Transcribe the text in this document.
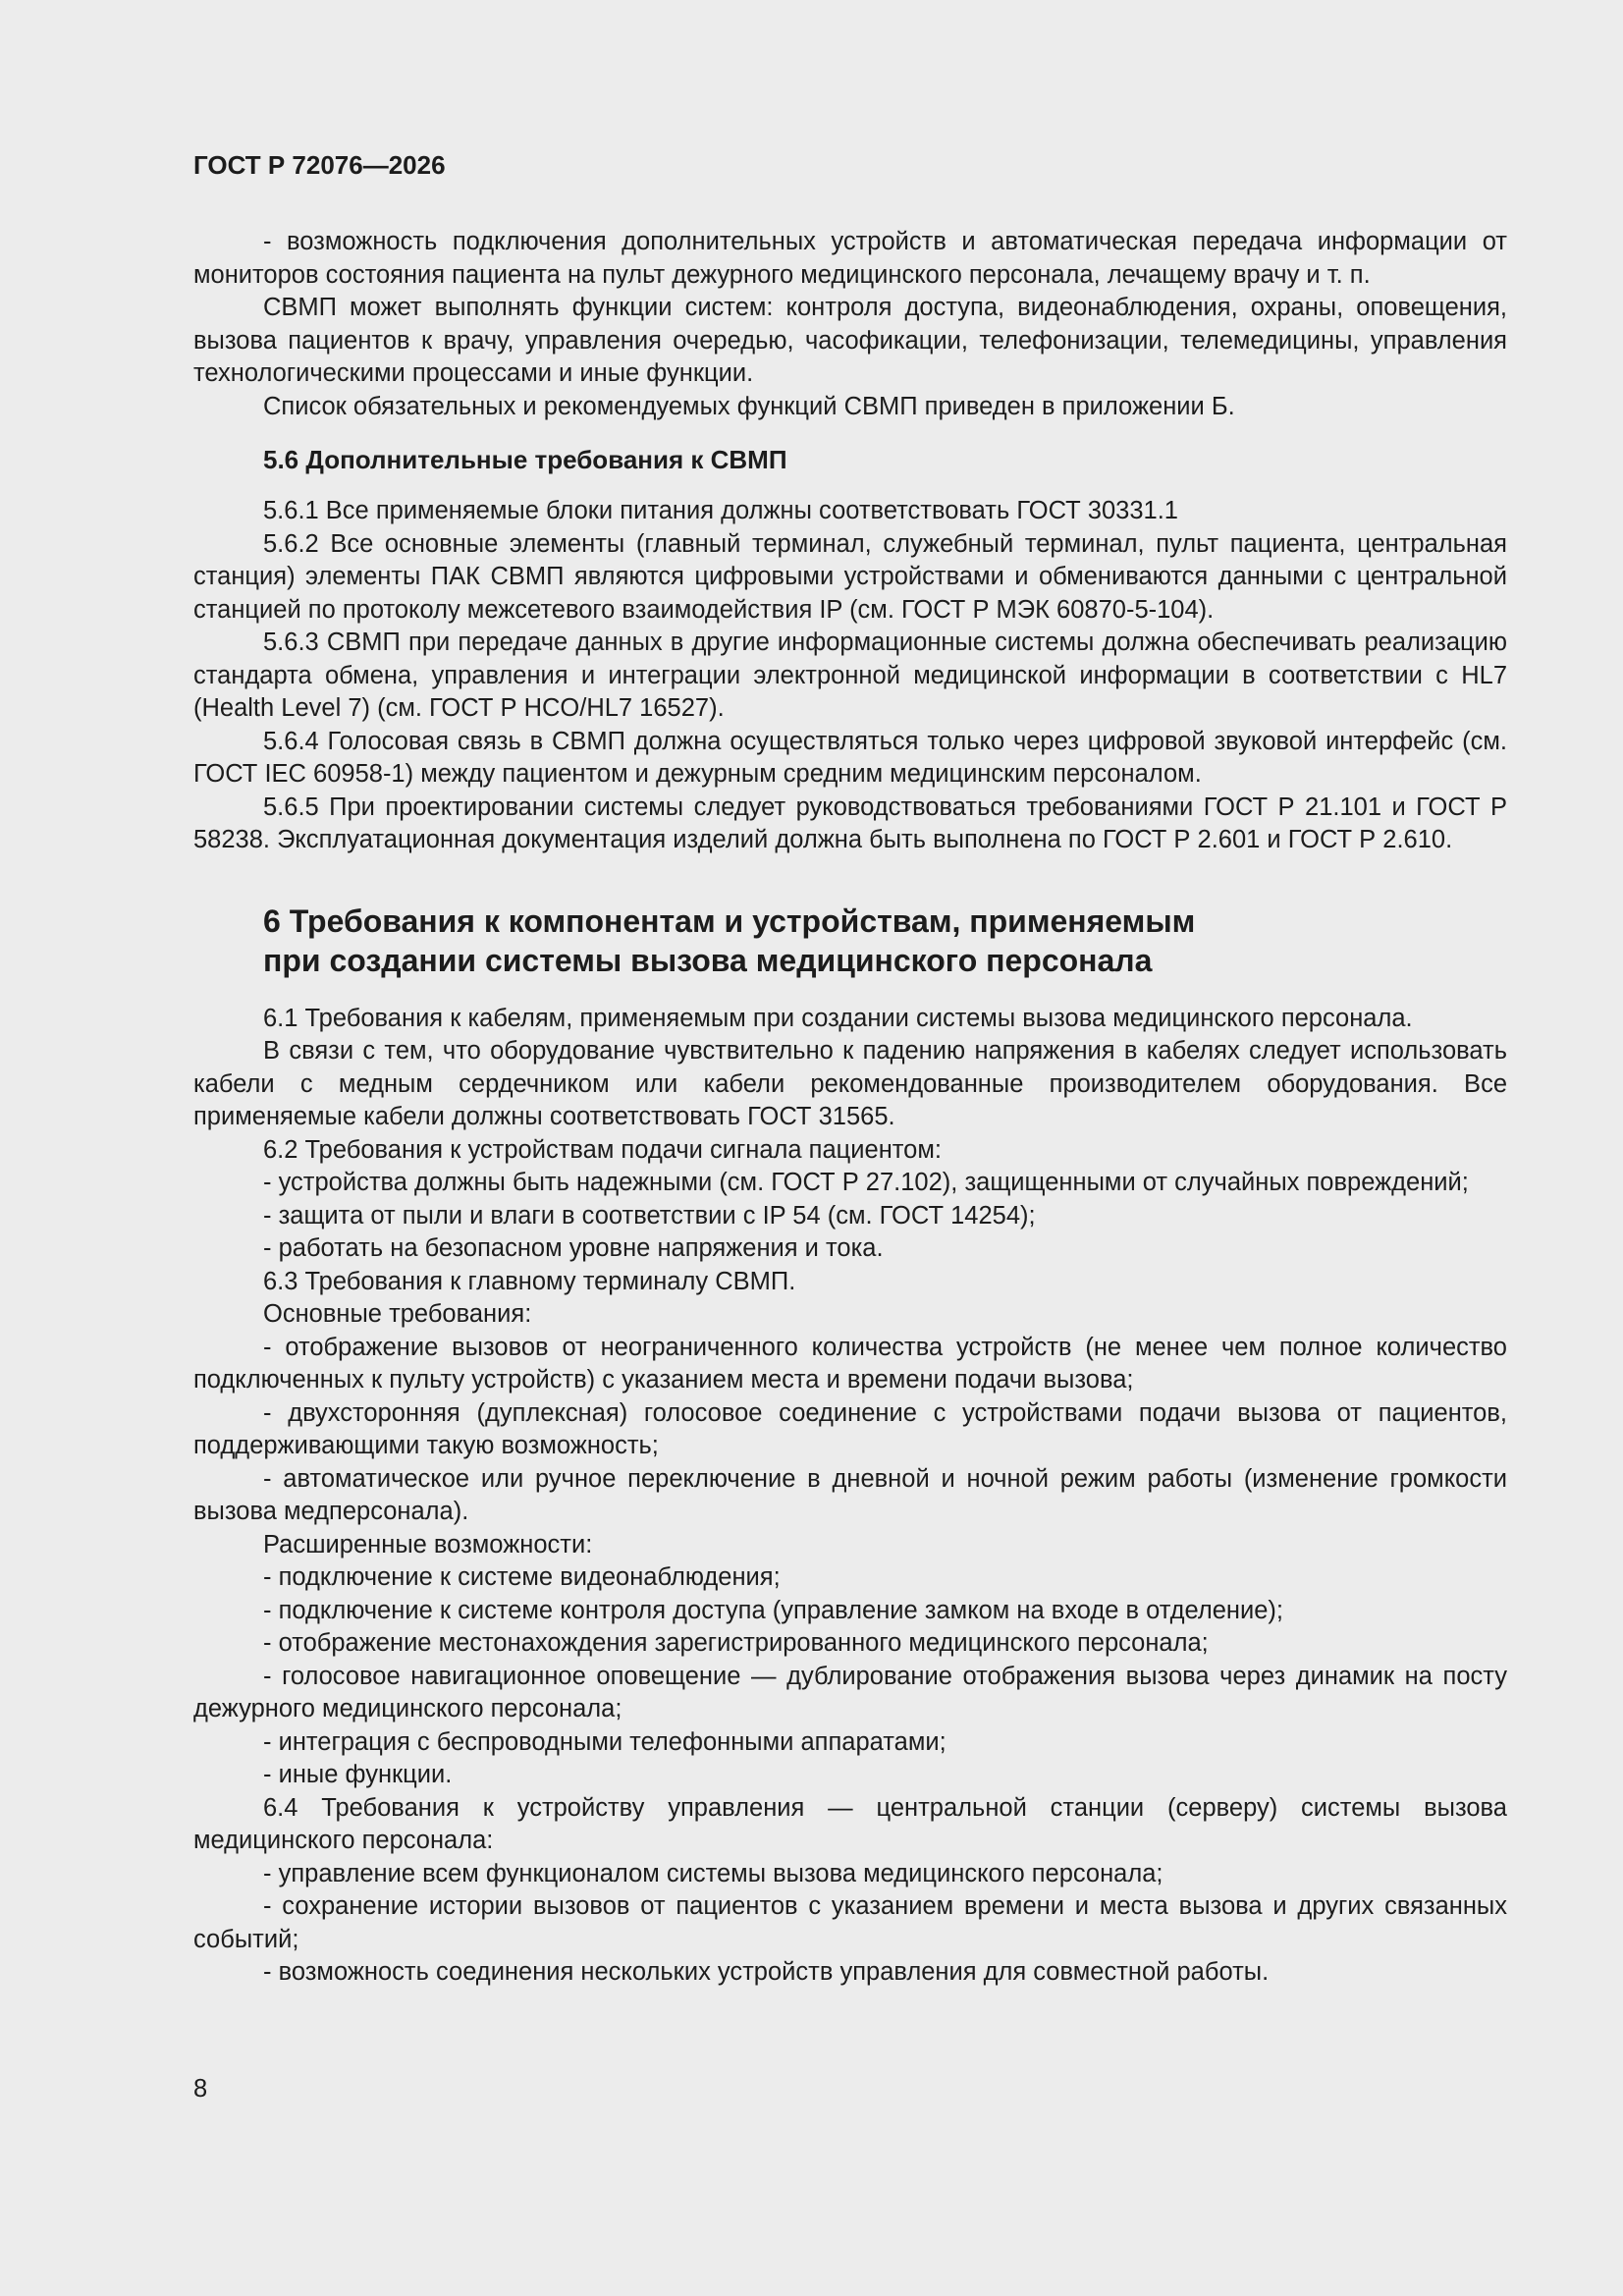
ГОСТ Р 72076—2026

- возможность подключения дополнительных устройств и автоматическая передача информации от мониторов состояния пациента на пульт дежурного медицинского персонала, лечащему врачу и т. п.

СВМП может выполнять функции систем: контроля доступа, видеонаблюдения, охраны, оповещения, вызова пациентов к врачу, управления очередью, часофикации, телефонизации, телемедицины, управления технологическими процессами и иные функции.

Список обязательных и рекомендуемых функций СВМП приведен в приложении Б.

5.6 Дополнительные требования к СВМП

5.6.1 Все применяемые блоки питания должны соответствовать ГОСТ 30331.1

5.6.2 Все основные элементы (главный терминал, служебный терминал, пульт пациента, центральная станция) элементы ПАК СВМП являются цифровыми устройствами и обмениваются данными с центральной станцией по протоколу межсетевого взаимодействия IP (см. ГОСТ Р МЭК 60870-5-104).

5.6.3 СВМП при передаче данных в другие информационные системы должна обеспечивать реализацию стандарта обмена, управления и интеграции электронной медицинской информации в соответствии с HL7 (Health Level 7) (см. ГОСТ Р HCO/HL7 16527).

5.6.4 Голосовая связь в СВМП должна осуществляться только через цифровой звуковой интерфейс (см. ГОСТ IEC 60958-1) между пациентом и дежурным средним медицинским персоналом.

5.6.5 При проектировании системы следует руководствоваться требованиями ГОСТ Р 21.101 и ГОСТ Р 58238. Эксплуатационная документация изделий должна быть выполнена по ГОСТ Р 2.601 и ГОСТ Р 2.610.

6 Требования к компонентам и устройствам, применяемым
при создании системы вызова медицинского персонала

6.1 Требования к кабелям, применяемым при создании системы вызова медицинского персонала.

В связи с тем, что оборудование чувствительно к падению напряжения в кабелях следует использовать кабели с медным сердечником или кабели рекомендованные производителем оборудования. Все применяемые кабели должны соответствовать ГОСТ 31565.

6.2 Требования к устройствам подачи сигнала пациентом:

- устройства должны быть надежными (см. ГОСТ Р 27.102), защищенными от случайных повреждений;

- защита от пыли и влаги в соответствии с IP 54 (см. ГОСТ 14254);

- работать на безопасном уровне напряжения и тока.

6.3 Требования к главному терминалу СВМП.

Основные требования:

- отображение вызовов от неограниченного количества устройств (не менее чем полное количество подключенных к пульту устройств) с указанием места и времени подачи вызова;

- двухсторонняя (дуплексная) голосовое соединение с устройствами подачи вызова от пациентов, поддерживающими такую возможность;

- автоматическое или ручное переключение в дневной и ночной режим работы (изменение громкости вызова медперсонала).

Расширенные возможности:

- подключение к системе видеонаблюдения;

- подключение к системе контроля доступа (управление замком на входе в отделение);

- отображение местонахождения зарегистрированного медицинского персонала;

- голосовое навигационное оповещение — дублирование отображения вызова через динамик на посту дежурного медицинского персонала;

- интеграция с беспроводными телефонными аппаратами;

- иные функции.

6.4 Требования к устройству управления — центральной станции (серверу) системы вызова медицинского персонала:

- управление всем функционалом системы вызова медицинского персонала;

- сохранение истории вызовов от пациентов с указанием времени и места вызова и других связанных событий;

- возможность соединения нескольких устройств управления для совместной работы.

8
